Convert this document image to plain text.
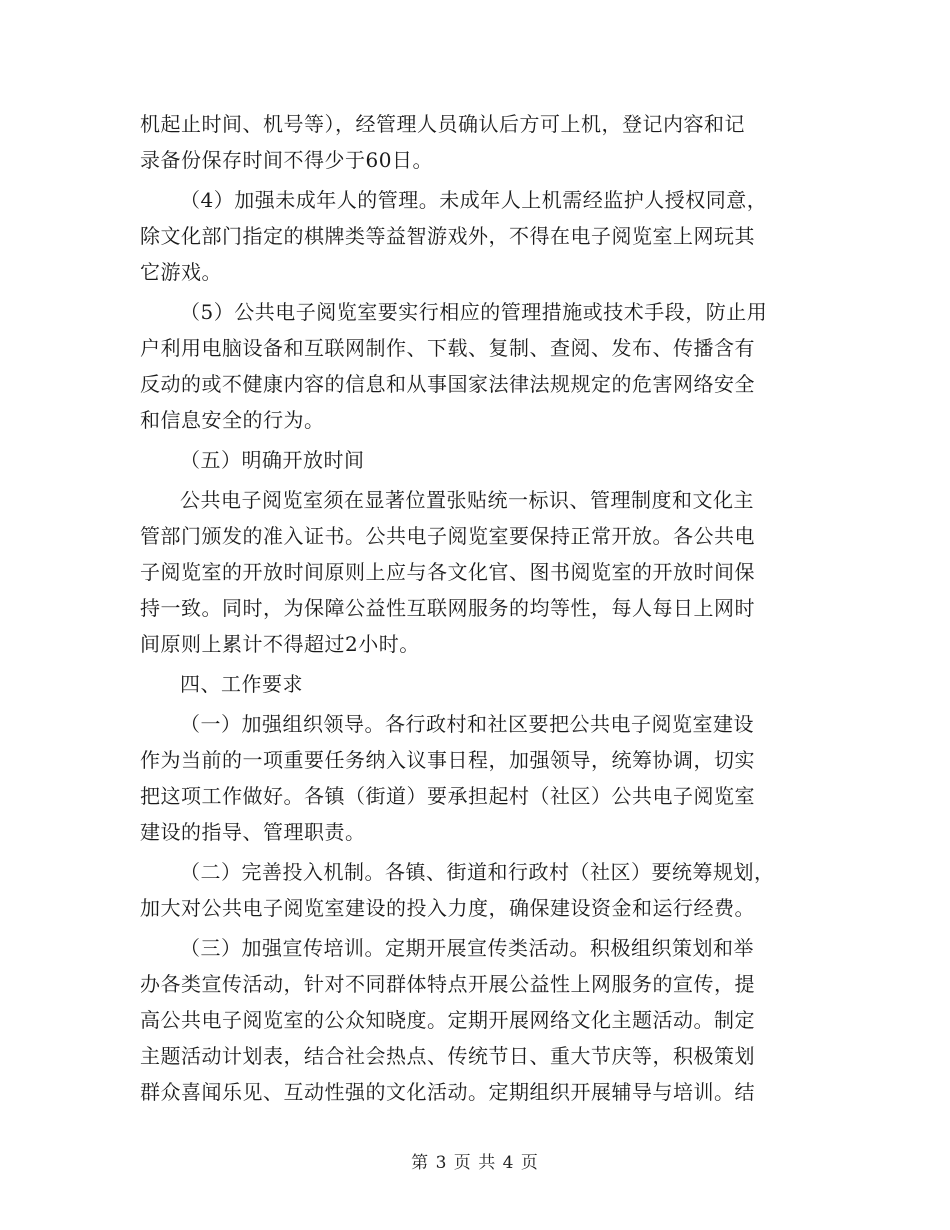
机起止时间、机号等），经管理人员确认后方可上机，登记内容和记
录备份保存时间不得少于60日。
（4）加强未成年人的管理。未成年人上机需经监护人授权同意，
除文化部门指定的棋牌类等益智游戏外，不得在电子阅览室上网玩其
它游戏。
（5）公共电子阅览室要实行相应的管理措施或技术手段，防止用
户利用电脑设备和互联网制作、下载、复制、查阅、发布、传播含有
反动的或不健康内容的信息和从事国家法律法规规定的危害网络安全
和信息安全的行为。
（五）明确开放时间
公共电子阅览室须在显著位置张贴统一标识、管理制度和文化主
管部门颁发的准入证书。公共电子阅览室要保持正常开放。各公共电
子阅览室的开放时间原则上应与各文化官、图书阅览室的开放时间保
持一致。同时，为保障公益性互联网服务的均等性，每人每日上网时
间原则上累计不得超过2小时。
四、工作要求
（一）加强组织领导。各行政村和社区要把公共电子阅览室建设
作为当前的一项重要任务纳入议事日程，加强领导，统筹协调，切实
把这项工作做好。各镇（街道）要承担起村（社区）公共电子阅览室
建设的指导、管理职责。
（二）完善投入机制。各镇、街道和行政村（社区）要统筹规划，
加大对公共电子阅览室建设的投入力度，确保建设资金和运行经费。
（三）加强宣传培训。定期开展宣传类活动。积极组织策划和举
办各类宣传活动，针对不同群体特点开展公益性上网服务的宣传，提
高公共电子阅览室的公众知晓度。定期开展网络文化主题活动。制定
主题活动计划表，结合社会热点、传统节日、重大节庆等，积极策划
群众喜闻乐见、互动性强的文化活动。定期组织开展辅导与培训。结
第 3 页 共 4 页
